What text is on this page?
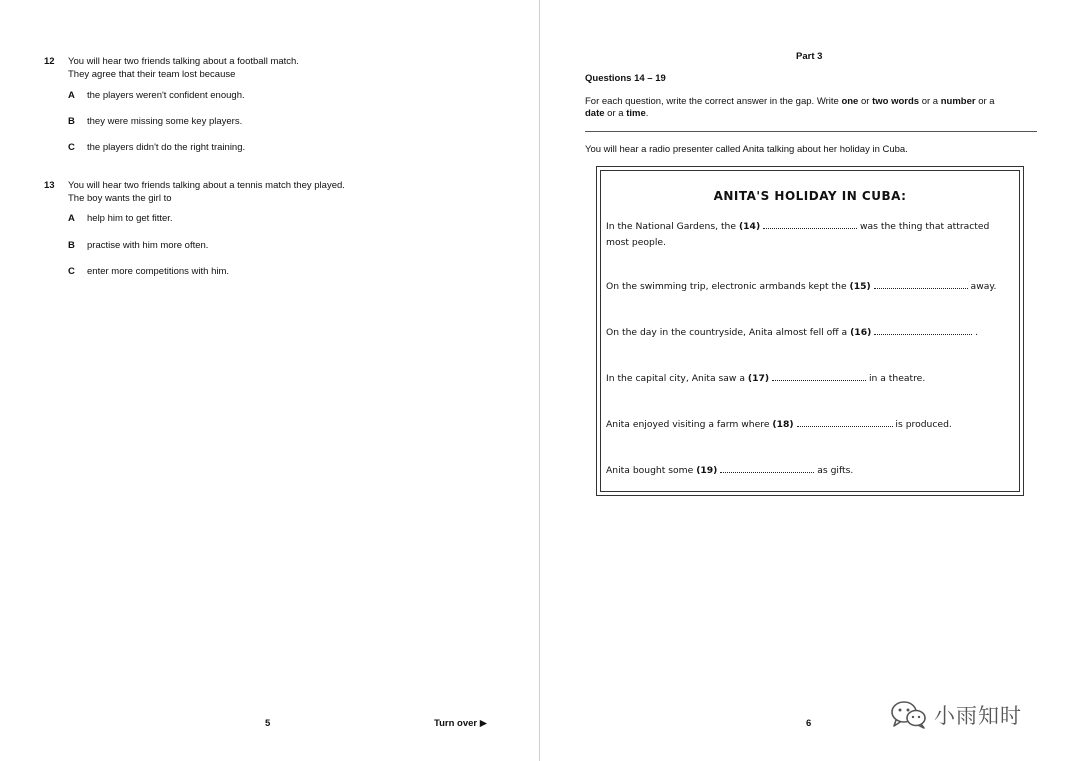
12 You will hear two friends talking about a football match.
They agree that their team lost because
A the players weren't confident enough.
B they were missing some key players.
C the players didn't do the right training.
13 You will hear two friends talking about a tennis match they played.
The boy wants the girl to
A help him to get fitter.
B practise with him more often.
C enter more competitions with him.
5	Turn over ▶
Part 3
Questions 14 – 19
For each question, write the correct answer in the gap. Write one or two words or a number or a
date or a time.
You will hear a radio presenter called Anita talking about her holiday in Cuba.
ANITA'S HOLIDAY IN CUBA:
In the National Gardens, the (14)	was the thing that attracted
most people.
On the swimming trip, electronic armbands kept the (15)	away.
On the day in the countryside, Anita almost fell off a (16)	.
In the capital city, Anita saw a (17)	in a theatre.
Anita enjoyed visiting a farm where (18)	is produced.
Anita bought some (19)	as gifts.
6	小雨知时
